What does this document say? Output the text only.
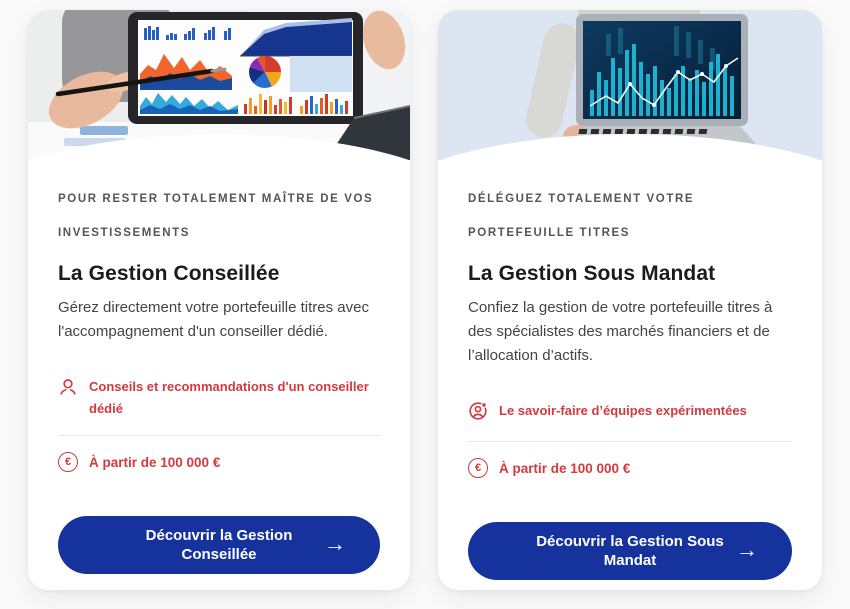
POUR RESTER TOTALEMENT MAÎTRE DE VOS INVESTISSEMENTS
La Gestion Conseillée

Gérez directement votre portefeuille titres avec l'accompagnement d'un conseiller dédié.

Conseils et recommandations d'un conseiller dédié
€	À partir de 100 000 €
Découvrir la Gestion Conseillée	→
DÉLÉGUEZ TOTALEMENT VOTRE PORTEFEUILLE TITRES
La Gestion Sous Mandat

Confiez la gestion de votre portefeuille titres à des spécialistes des marchés financiers et de l’allocation d’actifs.

Le savoir-faire d’équipes expérimentées
€	À partir de 100 000 €
Découvrir la Gestion Sous Mandat	→
